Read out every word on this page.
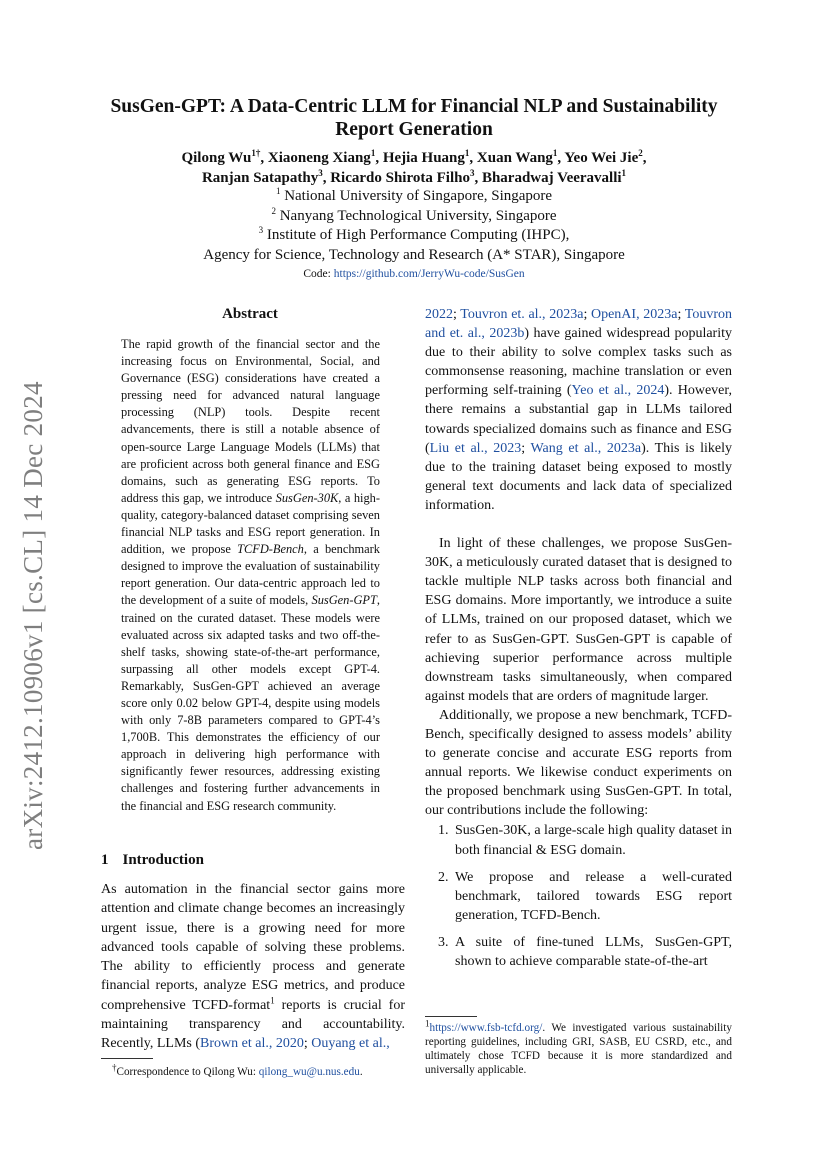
arXiv:2412.10906v1 [cs.CL] 14 Dec 2024
SusGen-GPT: A Data-Centric LLM for Financial NLP and Sustainability
Report Generation
Qilong $Wu^{1\dagger}$, Xiaoneng Xiang$^1$, Hejia Huang$^1$, Xuan Wang$^1$, Yeo Wei Jie$^2$,
Ranjan Satapathy$^3$, Ricardo Shirota Filho$^3$, Bharadwaj Veeravalli$^1$
$^1$ National University of Singapore, Singapore
$^2$ Nanyang Technological University, Singapore
$^3$ Institute of High Performance Computing (IHPC),
Agency for Science, Technology and Research (A* STAR), Singapore
Code: https://github.com/JerryWu-code/SusGen
Abstract
The rapid growth of the financial sector and the increasing focus on Environmental, Social, and Governance (ESG) considerations have created a pressing need for advanced natural language processing (NLP) tools. Despite recent advancements, there is still a notable absence of open-source Large Language Models (LLMs) that are proficient across both general finance and ESG domains, such as generating ESG reports. To address this gap, we introduce SusGen-30K, a high-quality, category-balanced dataset comprising seven financial NLP tasks and ESG report generation. In addition, we propose TCFD-Bench, a benchmark designed to improve the evaluation of sustainability report generation. Our data-centric approach led to the development of a suite of models, SusGen-GPT, trained on the curated dataset. These models were evaluated across six adapted tasks and two off-the-shelf tasks, showing state-of-the-art performance, surpassing all other models except GPT-4. Remarkably, SusGen-GPT achieved an average score only 0.02 below GPT-4, despite using models with only 7-8B parameters compared to GPT-4’s 1,700B. This demonstrates the efficiency of our approach in delivering high performance with significantly fewer resources, addressing existing challenges and fostering further advancements in the financial and ESG research community.
1 Introduction
As automation in the financial sector gains more attention and climate change becomes an increasingly urgent issue, there is a growing need for more advanced tools capable of solving these problems. The ability to efficiently process and generate financial reports, analyze ESG metrics, and produce comprehensive TCFD-format$^1$ reports is crucial for maintaining transparency and accountability. Recently, LLMs (Brown et al., 2020; Ouyang et al.,
†Correspondence to Qilong Wu: qilong_wu@u.nus.edu.

2022; Touvron et. al., 2023a; OpenAI, 2023a; Touvron and et. al., 2023b) have gained widespread popularity due to their ability to solve complex tasks such as commonsense reasoning, machine translation or even performing self-training (Yeo et al., 2024). However, there remains a substantial gap in LLMs tailored towards specialized domains such as finance and ESG (Liu et al., 2023; Wang et al., 2023a). This is likely due to the training dataset being exposed to mostly general text documents and lack data of specialized information.

In light of these challenges, we propose SusGen-30K, a meticulously curated dataset that is designed to tackle multiple NLP tasks across both financial and ESG domains. More importantly, we introduce a suite of LLMs, trained on our proposed dataset, which we refer to as SusGen-GPT. SusGen-GPT is capable of achieving superior performance across multiple downstream tasks simultaneously, when compared against models that are orders of magnitude larger.

Additionally, we propose a new benchmark, TCFD-Bench, specifically designed to assess models’ ability to generate concise and accurate ESG reports from annual reports. We likewise conduct experiments on the proposed benchmark using SusGen-GPT. In total, our contributions include the following:

1. SusGen-30K, a large-scale high quality dataset in both financial & ESG domain.
2. We propose and release a well-curated benchmark, tailored towards ESG report generation, TCFD-Bench.
3. A suite of fine-tuned LLMs, SusGen-GPT, shown to achieve comparable state-of-the-art
$^1$https://www.fsb-tcfd.org/. We investigated various sustainability reporting guidelines, including GRI, SASB, EU CSRD, etc., and ultimately chose TCFD because it is more standardized and universally applicable.
